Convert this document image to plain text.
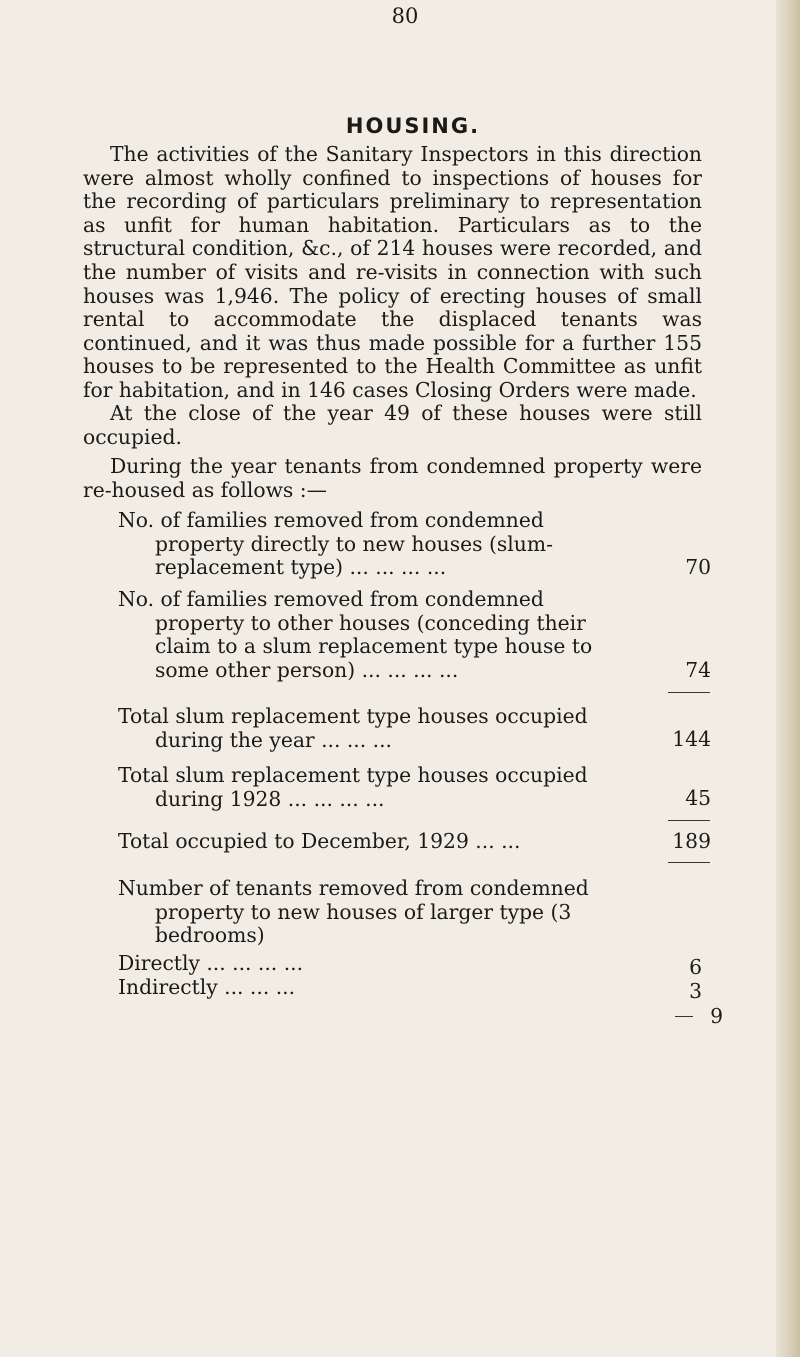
80
HOUSING.

The activities of the Sanitary Inspectors in this direction were almost wholly confined to inspections of houses for the recording of particulars preliminary to representation as unfit for human habitation. Particulars as to the structural condition, &c., of 214 houses were recorded, and the number of visits and re-visits in connection with such houses was 1,946. The policy of erecting houses of small rental to accommodate the displaced tenants was continued, and it was thus made possible for a further 155 houses to be represented to the Health Committee as unfit for habitation, and in 146 cases Closing Orders were made.

At the close of the year 49 of these houses were still occupied.

During the year tenants from condemned property were re-housed as follows :—

No. of families removed from condemned property directly to new houses (slum-replacement type) ... ... ... ...	70

No. of families removed from condemned property to other houses (conceding their claim to a slum replacement type house to some other person) ... ... ... ...	74

Total slum replacement type houses occupied during the year ... ... ...	144

Total slum replacement type houses occupied during 1928 ... ... ... ...	45

Total occupied to December, 1929 ... ...	189

Number of tenants removed from condemned property to new houses of larger type (3 bedrooms)

Directly ... ... ... ...	6

Indirectly ... ... ...	3
9
